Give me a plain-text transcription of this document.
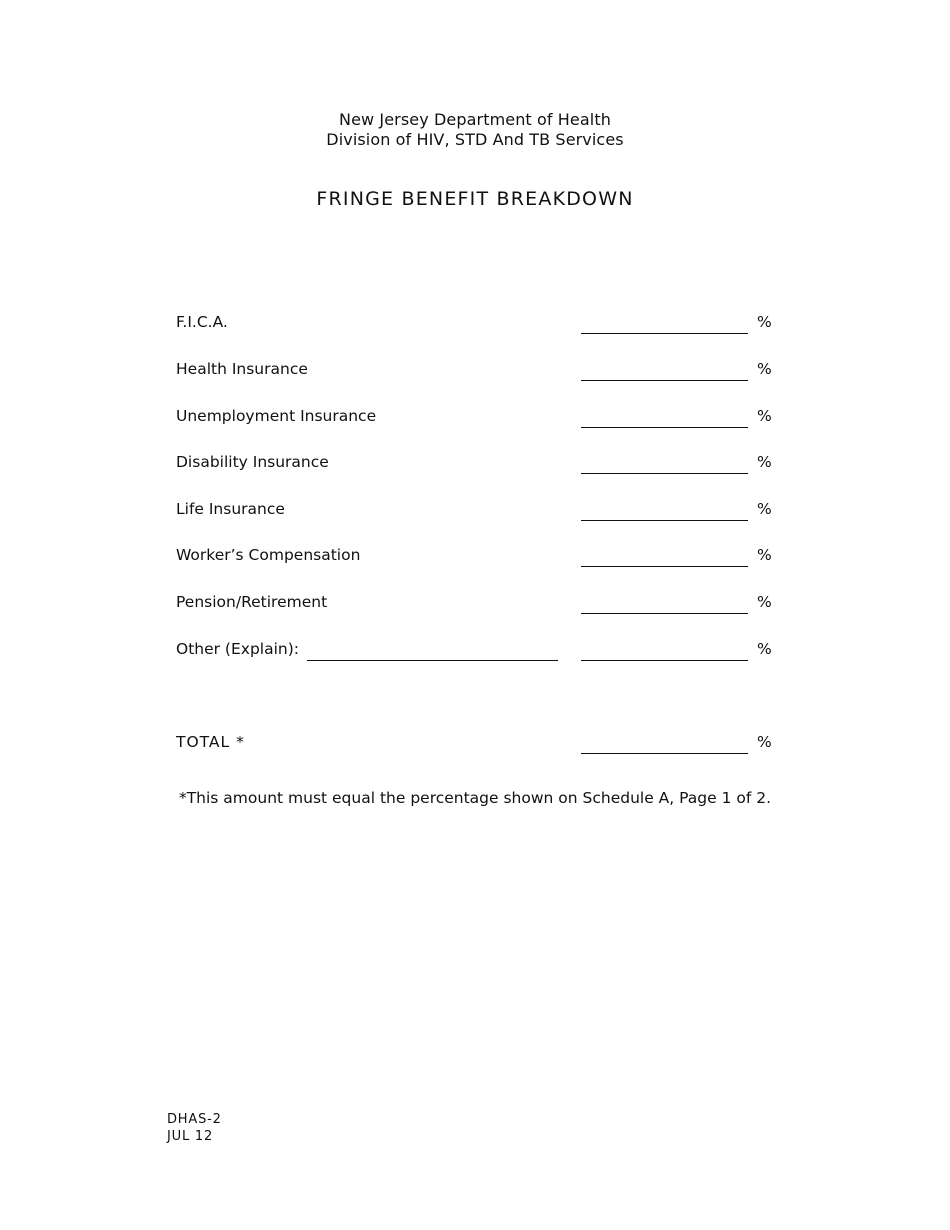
New Jersey Department of Health
Division of HIV, STD And TB Services
FRINGE BENEFIT BREAKDOWN
F.I.C.A.	%
Health Insurance	%
Unemployment Insurance	%
Disability Insurance	%
Life Insurance	%
Worker’s Compensation	%
Pension/Retirement	%
Other (Explain):	%
TOTAL *	%
*This amount must equal the percentage shown on Schedule A, Page 1 of 2.
DHAS-2
JUL 12
